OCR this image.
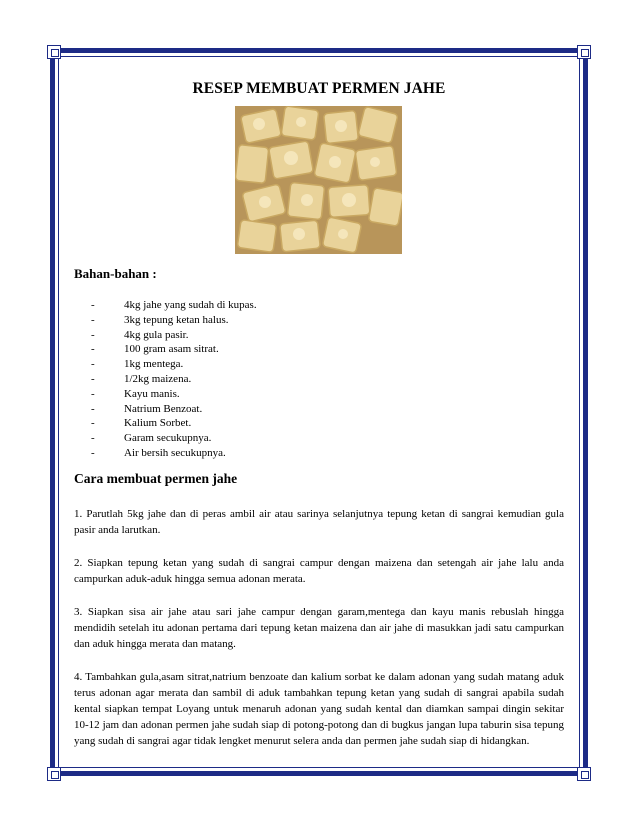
RESEP MEMBUAT PERMEN JAHE
Bahan-bahan :
- 4kg jahe yang sudah di kupas.
- 3kg tepung ketan halus.
- 4kg gula pasir.
- 100 gram asam sitrat.
- 1kg mentega.
- 1/2kg maizena.
- Kayu manis.
- Natrium Benzoat.
- Kalium Sorbet.
- Garam secukupnya.
- Air bersih secukupnya.
Cara membuat permen jahe

1. Parutlah 5kg jahe dan di peras ambil air atau sarinya selanjutnya tepung ketan di sangrai kemudian gula pasir anda larutkan.

2. Siapkan tepung ketan yang sudah di sangrai campur dengan maizena dan setengah air jahe lalu anda campurkan aduk-aduk hingga semua adonan merata.

3. Siapkan sisa air jahe atau sari jahe campur dengan garam,mentega dan kayu manis rebuslah hingga mendidih setelah itu adonan pertama dari tepung ketan maizena dan air jahe di masukkan jadi satu campurkan dan aduk hingga merata dan matang.

4. Tambahkan gula,asam sitrat,natrium benzoate dan kalium sorbat ke dalam adonan yang sudah matang aduk terus adonan agar merata dan sambil di aduk tambahkan tepung ketan yang sudah di sangrai apabila sudah kental siapkan tempat Loyang untuk menaruh adonan yang sudah kental dan diamkan sampai dingin sekitar 10-12 jam dan adonan permen jahe sudah siap di potong-potong dan di bugkus jangan lupa taburin sisa tepung yang sudah di sangrai agar tidak lengket menurut selera anda dan permen jahe sudah siap di hidangkan.
